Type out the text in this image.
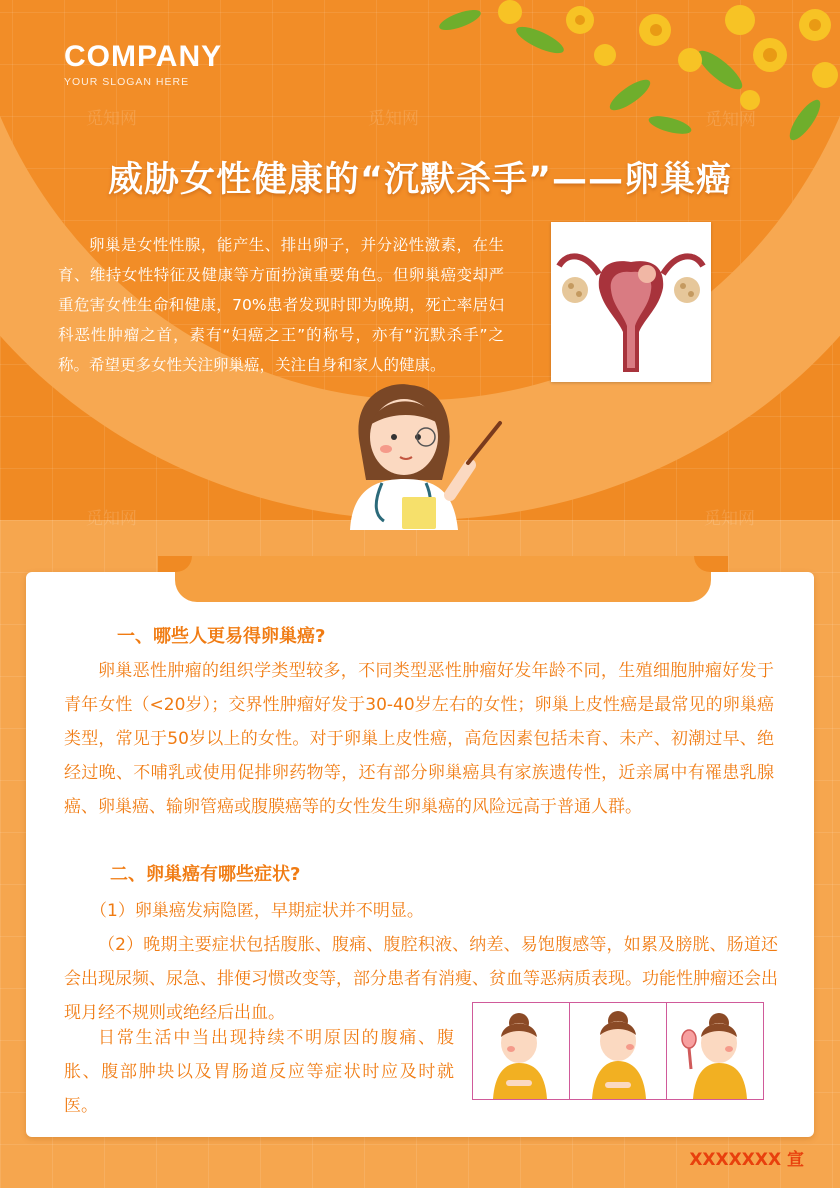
COMPANY
YOUR SLOGAN HERE
觅知网	觅知网
觅知网	觅知网
觅知网
威胁女性健康的“沉默杀手”——卵巢癌
卵巢是女性性腺，能产生、排出卵子，并分泌性激素，在生育、维持女性特征及健康等方面扮演重要角色。但卵巢癌变却严重危害女性生命和健康，70%患者发现时即为晚期，死亡率居妇科恶性肿瘤之首，素有“妇癌之王”的称号，亦有“沉默杀手”之称。希望更多女性关注卵巢癌，关注自身和家人的健康。
一、哪些人更易得卵巢癌?
卵巢恶性肿瘤的组织学类型较多，不同类型恶性肿瘤好发年龄不同，生殖细胞肿瘤好发于青年女性（<20岁）；交界性肿瘤好发于30-40岁左右的女性；卵巢上皮性癌是最常见的卵巢癌类型，常见于50岁以上的女性。对于卵巢上皮性癌，高危因素包括未育、未产、初潮过早、绝经过晚、不哺乳或使用促排卵药物等，还有部分卵巢癌具有家族遗传性，近亲属中有罹患乳腺癌、卵巢癌、输卵管癌或腹膜癌等的女性发生卵巢癌的风险远高于普通人群。
二、卵巢癌有哪些症状?
（1）卵巢癌发病隐匿，早期症状并不明显。
（2）晚期主要症状包括腹胀、腹痛、腹腔积液、纳差、易饱腹感等，如累及膀胱、肠道还会出现尿频、尿急、排便习惯改变等，部分患者有消瘦、贫血等恶病质表现。功能性肿瘤还会出现月经不规则或绝经后出血。
日常生活中当出现持续不明原因的腹痛、腹胀、腹部肿块以及胃肠道反应等症状时应及时就医。
XXXXXXX 宣
